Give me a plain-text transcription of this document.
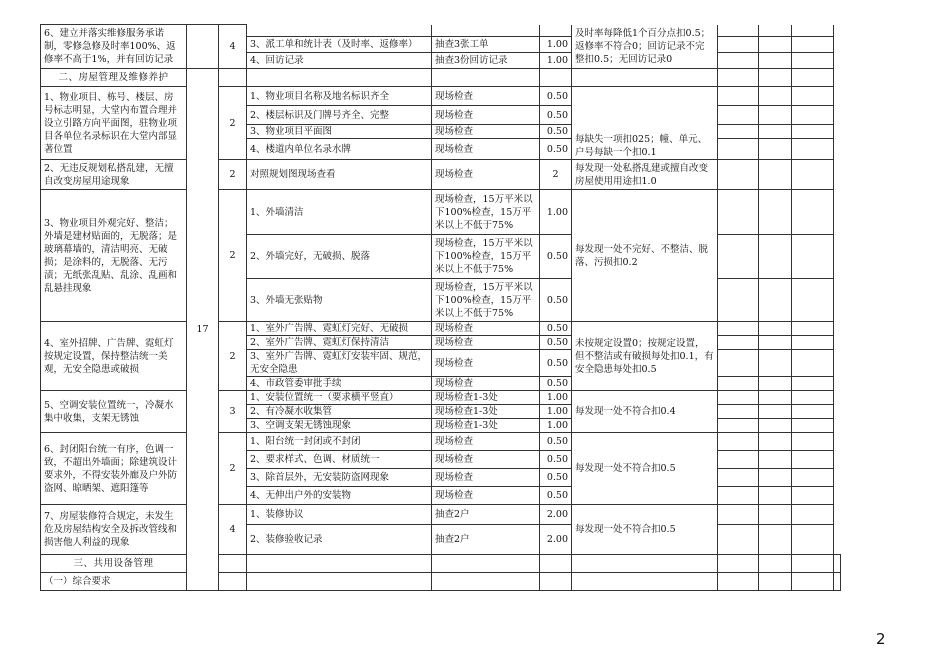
6、建立并落实维修服务承诺制，零修急修及时率100%、返修率不高于1%，并有回访记录		4				及时率每降低1个百分点扣0.5；返修率不符合0；回访记录不完整扣0.5；无回访记录0				
			3、派工单和统计表（及时率、返修率）	抽查3张工单	1.00					
			4、回访记录	抽查3份回访记录	1.00					
二、房屋管理及维修养护	17									
1、物业项目、栋号、楼层、房号标志明显，大堂内布置合理并设立引路方向平面图，驻物业项目各单位名录标识在大堂内部显著位置		2	1、物业项目名称及地名标识齐全	现场检查	0.50	每缺失一项扣025；幢、单元、户号每缺一个扣0.1				
			2、楼层标识及门牌号齐全、完整	现场检查	0.50					
			3、物业项目平面图	现场检查	0.50					
			4、楼道内单位名录水牌	现场检查	0.50					
2、无违反规划私搭乱建，无擅自改变房屋用途现象		2	对照规划图现场查看	现场检查	2	每发现一处私搭乱建或擅自改变房屋使用用途扣1.0				
3、物业项目外观完好、整洁；外墙是建材贴面的，无脱落；是玻璃幕墙的，清洁明亮、无破损；是涂料的，无脱落、无污渍；无纸张乱贴、乱涂、乱画和乱悬挂现象		2	1、外墙清洁	现场检查，15万平米以下100%检查，15万平米以上不低于75%	1.00	每发现一处不完好、不整洁、脱落、污损扣0.2				
			2、外墙完好，无破损、脱落	现场检查，15万平米以下100%检查，15万平米以上不低于75%	0.50					
			3、外墙无张贴物	现场检查，15万平米以下100%检查，15万平米以上不低于75%	0.50					
4、室外招牌、广告牌、霓虹灯按规定设置，保持整洁统一美观，无安全隐患或破损		2	1、室外广告牌、霓虹灯完好、无破损	现场检查	0.50	未按规定设置0；按规定设置，但不整洁或有破损每处扣0.1，有安全隐患每处扣0.5				
			2、室外广告牌、霓虹灯保持清洁	现场检查	0.50					
			3、室外广告牌、霓虹灯安装牢固、规范，无安全隐患	现场检查	0.50					
			4、市政管委审批手续	现场检查	0.50					
5、空调安装位置统一，冷凝水集中收集，支架无锈蚀		3	1、安装位置统一（要求横平竖直）	现场检查1-3处	1.00	每发现一处不符合扣0.4				
			2、有冷凝水收集管	现场检查1-3处	1.00					
			3、空调支架无锈蚀现象	现场检查1-3处	1.00					
6、封闭阳台统一有序，色调一致，不超出外墙面；除建筑设计要求外，不得安装外廊及户外防盗网、晾晒架、遮阳篷等		2	1、阳台统一封闭或不封闭	现场检查	0.50	每发现一处不符合扣0.5				
			2、要求样式、色调、材质统一	现场检查	0.50					
			3、除首层外，无安装防盗网现象	现场检查	0.50					
			4、无伸出户外的安装物	现场检查	0.50					
7、房屋装修符合规定，未发生危及房屋结构安全及拆改管线和损害他人利益的现象		4	1、装修协议	抽查2户	2.00	每发现一处不符合扣0.5				
			2、装修验收记录	抽查2户	2.00					
三、共用设备管理										
（一）综合要求										
2
